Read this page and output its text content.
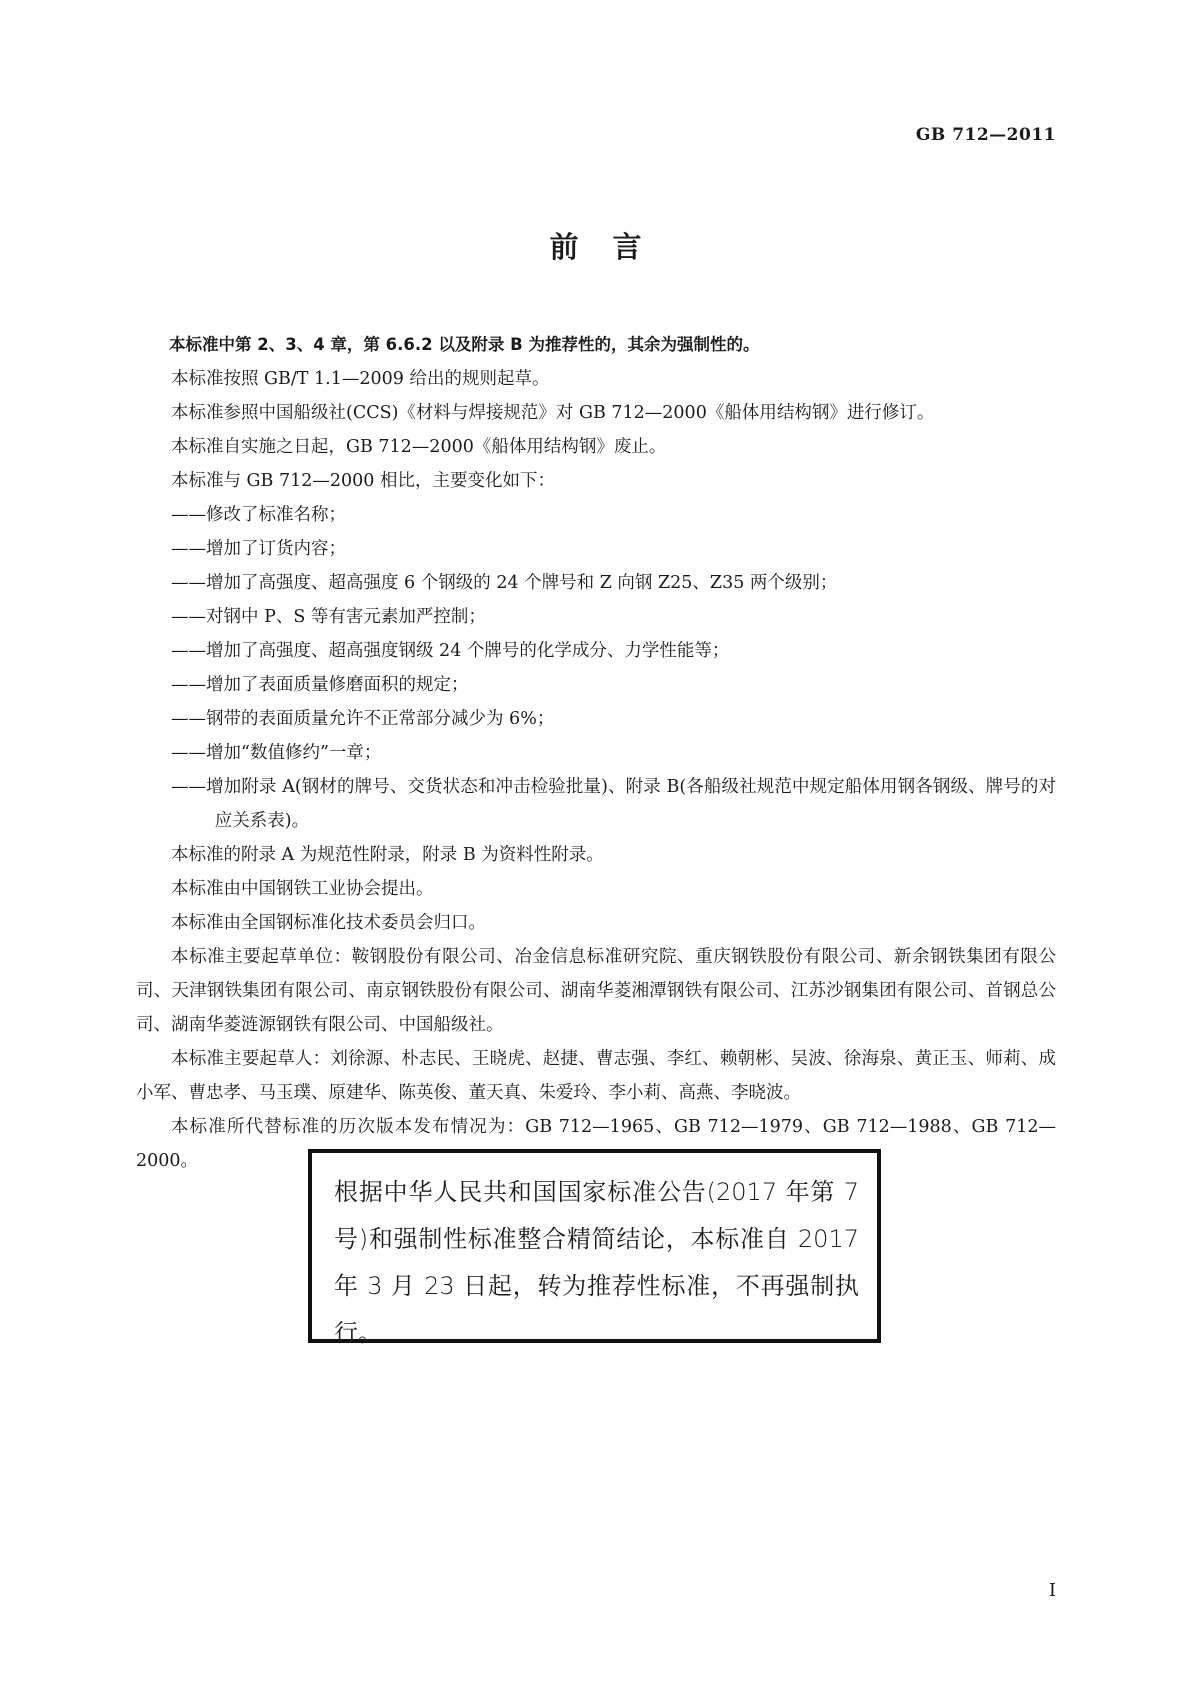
GB 712—2011
前言

本标准中第 2、3、4 章，第 6.6.2 以及附录 B 为推荐性的，其余为强制性的。

本标准按照 GB/T 1.1—2009 给出的规则起草。

本标准参照中国船级社(CCS)《材料与焊接规范》对 GB 712—2000《船体用结构钢》进行修订。

本标准自实施之日起，GB 712—2000《船体用结构钢》废止。

本标准与 GB 712—2000 相比，主要变化如下：

——修改了标准名称；

——增加了订货内容；

——增加了高强度、超高强度 6 个钢级的 24 个牌号和 Z 向钢 Z25、Z35 两个级别；

——对钢中 P、S 等有害元素加严控制；

——增加了高强度、超高强度钢级 24 个牌号的化学成分、力学性能等；

——增加了表面质量修磨面积的规定；

——钢带的表面质量允许不正常部分减少为 6%；

——增加“数值修约”一章；

——增加附录 A(钢材的牌号、交货状态和冲击检验批量)、附录 B(各船级社规范中规定船体用钢各钢级、牌号的对应关系表)。

本标准的附录 A 为规范性附录，附录 B 为资料性附录。

本标准由中国钢铁工业协会提出。

本标准由全国钢标准化技术委员会归口。

本标准主要起草单位：鞍钢股份有限公司、冶金信息标准研究院、重庆钢铁股份有限公司、新余钢铁集团有限公司、天津钢铁集团有限公司、南京钢铁股份有限公司、湖南华菱湘潭钢铁有限公司、江苏沙钢集团有限公司、首钢总公司、湖南华菱涟源钢铁有限公司、中国船级社。

本标准主要起草人：刘徐源、朴志民、王晓虎、赵捷、曹志强、李红、赖朝彬、吴波、徐海泉、黄正玉、师莉、成小军、曹忠孝、马玉璞、原建华、陈英俊、董天真、朱爱玲、李小莉、高燕、李晓波。

本标准所代替标准的历次版本发布情况为：GB 712—1965、GB 712—1979、GB 712—1988、GB 712—2000。

根据中华人民共和国国家标准公告(2017 年第 7 号)和强制性标准整合精简结论，本标准自 2017 年 3 月 23 日起，转为推荐性标准，不再强制执行。
I
